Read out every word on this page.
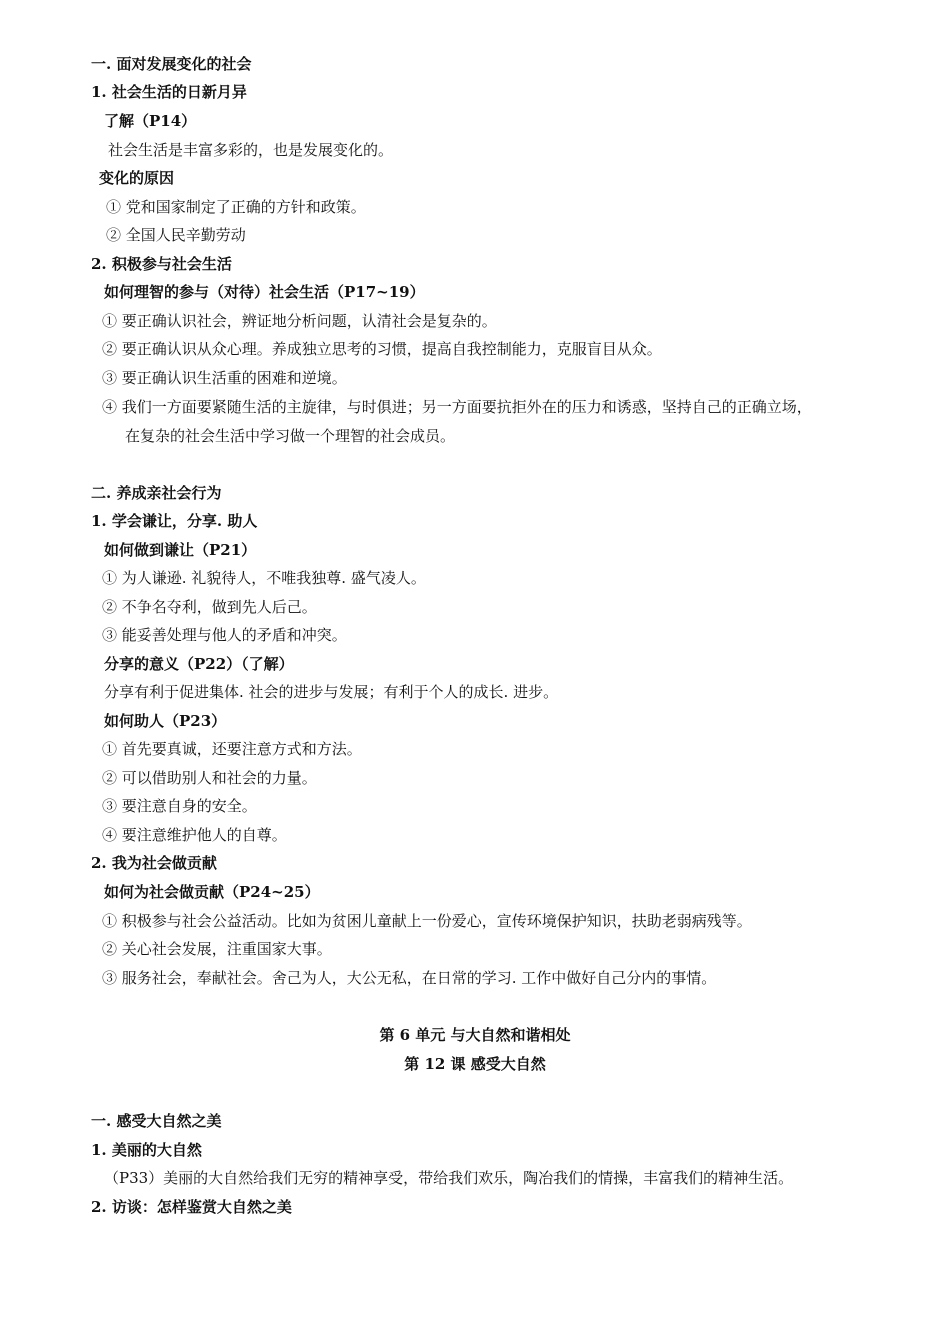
一. 面对发展变化的社会
1. 社会生活的日新月异
了解（P14）
社会生活是丰富多彩的，也是发展变化的。
变化的原因
① 党和国家制定了正确的方针和政策。
② 全国人民辛勤劳动
2. 积极参与社会生活
如何理智的参与（对待）社会生活（P17~19）
① 要正确认识社会，辨证地分析问题，认清社会是复杂的。
② 要正确认识从众心理。养成独立思考的习惯，提高自我控制能力，克服盲目从众。
③ 要正确认识生活重的困难和逆境。
④ 我们一方面要紧随生活的主旋律，与时俱进；另一方面要抗拒外在的压力和诱惑，坚持自己的正确立场，
在复杂的社会生活中学习做一个理智的社会成员。
二. 养成亲社会行为
1. 学会谦让，分享. 助人
如何做到谦让（P21）
① 为人谦逊. 礼貌待人，不唯我独尊. 盛气凌人。
② 不争名夺利，做到先人后己。
③ 能妥善处理与他人的矛盾和冲突。
分享的意义（P22）（了解）
分享有利于促进集体. 社会的进步与发展；有利于个人的成长. 进步。
如何助人（P23）
① 首先要真诚，还要注意方式和方法。
② 可以借助别人和社会的力量。
③ 要注意自身的安全。
④ 要注意维护他人的自尊。
2. 我为社会做贡献
如何为社会做贡献（P24~25）
① 积极参与社会公益活动。比如为贫困儿童献上一份爱心，宣传环境保护知识，扶助老弱病残等。
② 关心社会发展，注重国家大事。
③ 服务社会，奉献社会。舍己为人，大公无私，在日常的学习. 工作中做好自己分内的事情。
第 6 单元 与大自然和谐相处
第 12 课 感受大自然
一. 感受大自然之美
1. 美丽的大自然
（P33）美丽的大自然给我们无穷的精神享受，带给我们欢乐，陶冶我们的情操，丰富我们的精神生活。
2. 访谈：怎样鉴赏大自然之美
